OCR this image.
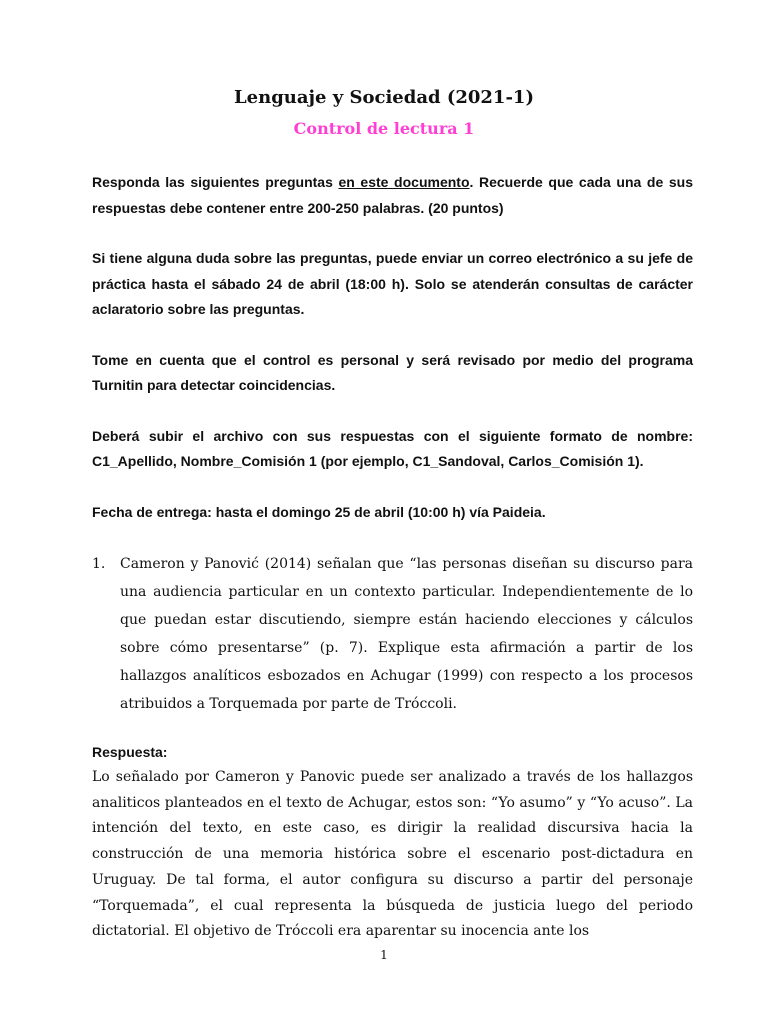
Lenguaje y Sociedad (2021-1)
Control de lectura 1

Responda las siguientes preguntas en este documento. Recuerde que cada una de sus respuestas debe contener entre 200-250 palabras. (20 puntos)

Si tiene alguna duda sobre las preguntas, puede enviar un correo electrónico a su jefe de práctica hasta el sábado 24 de abril (18:00 h). Solo se atenderán consultas de carácter aclaratorio sobre las preguntas.

Tome en cuenta que el control es personal y será revisado por medio del programa Turnitin para detectar coincidencias.

Deberá subir el archivo con sus respuestas con el siguiente formato de nombre: C1_Apellido, Nombre_Comisión 1 (por ejemplo, C1_Sandoval, Carlos_Comisión 1).

Fecha de entrega: hasta el domingo 25 de abril (10:00 h) vía Paideia.

1. Cameron y Panović (2014) señalan que “las personas diseñan su discurso para una audiencia particular en un contexto particular. Independientemente de lo que puedan estar discutiendo, siempre están haciendo elecciones y cálculos sobre cómo presentarse” (p. 7). Explique esta afirmación a partir de los hallazgos analíticos esbozados en Achugar (1999) con respecto a los procesos atribuidos a Torquemada por parte de Tróccoli.

Respuesta:

Lo señalado por Cameron y Panovic puede ser analizado a través de los hallazgos analiticos planteados en el texto de Achugar, estos son: “Yo asumo” y “Yo acuso”. La intención del texto, en este caso, es dirigir la realidad discursiva hacia la construcción de una memoria histórica sobre el escenario post-dictadura en Uruguay. De tal forma, el autor configura su discurso a partir del personaje “Torquemada”, el cual representa la búsqueda de justicia luego del periodo dictatorial. El objetivo de Tróccoli era aparentar su inocencia ante los

1
